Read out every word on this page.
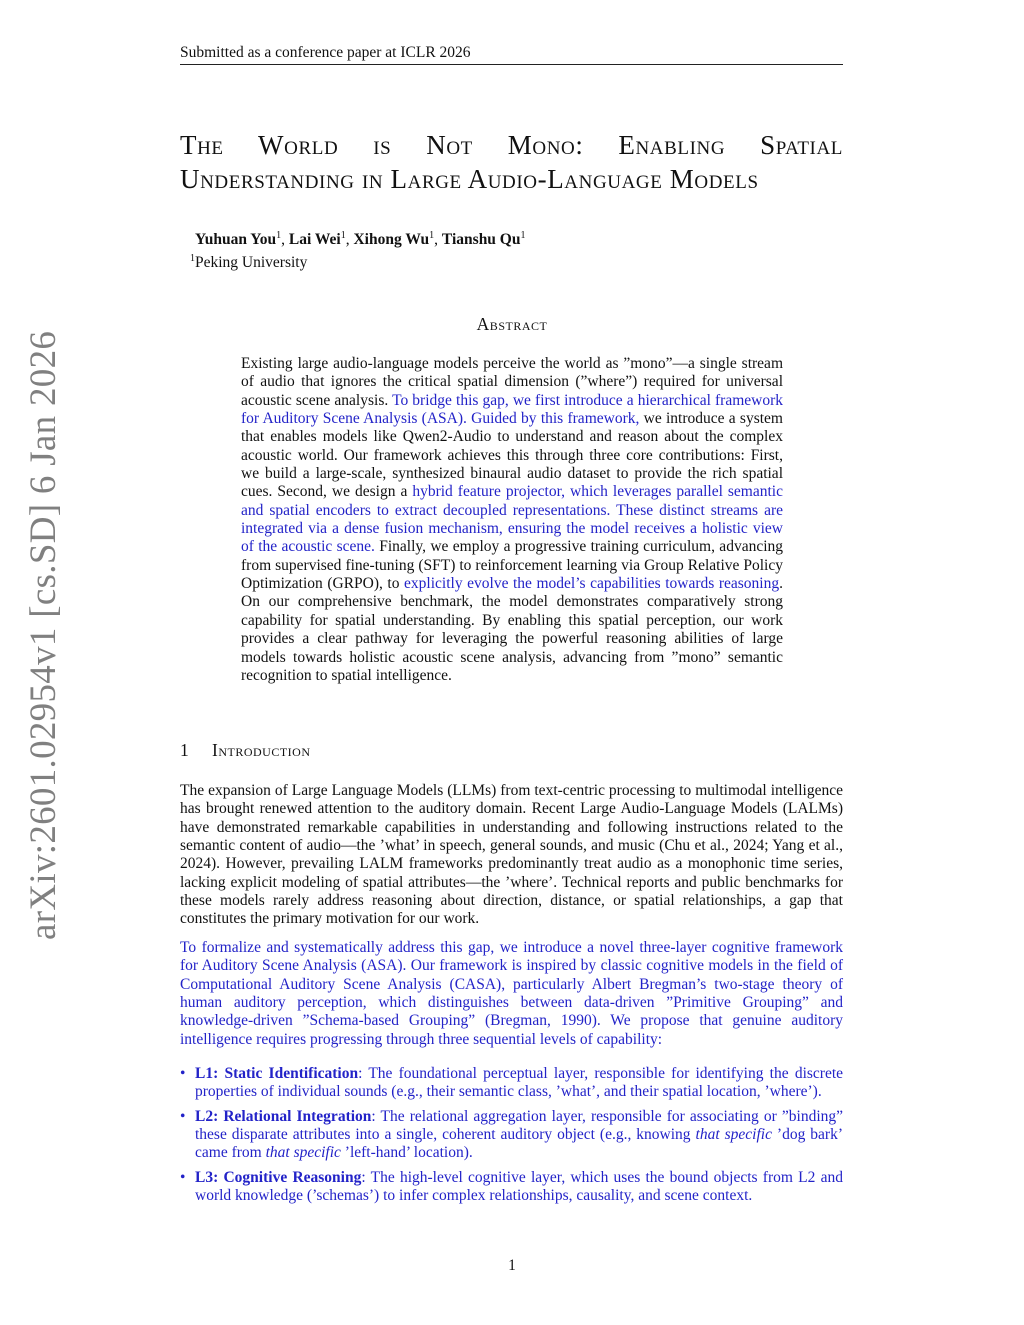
Submitted as a conference paper at ICLR 2026
The World is Not Mono: Enabling Spatial Understanding in Large Audio-Language Models
Yuhuan You$^1$, Lai Wei$^1$, Xihong Wu$^1$, Tianshu Qu$^1$
$^1$Peking University
Abstract
Existing large audio-language models perceive the world as ”mono”—a single stream of audio that ignores the critical spatial dimension (”where”) required for universal acoustic scene analysis. To bridge this gap, we first introduce a hierarchical framework for Auditory Scene Analysis (ASA). Guided by this framework, we introduce a system that enables models like Qwen2-Audio to understand and reason about the complex acoustic world. Our framework achieves this through three core contributions: First, we build a large-scale, synthesized binaural audio dataset to provide the rich spatial cues. Second, we design a hybrid feature projector, which leverages parallel semantic and spatial encoders to extract decoupled representations. These distinct streams are integrated via a dense fusion mechanism, ensuring the model receives a holistic view of the acoustic scene. Finally, we employ a progressive training curriculum, advancing from supervised fine-tuning (SFT) to reinforcement learning via Group Relative Policy Optimization (GRPO), to explicitly evolve the model’s capabilities towards reasoning. On our comprehensive benchmark, the model demonstrates comparatively strong capability for spatial understanding. By enabling this spatial perception, our work provides a clear pathway for leveraging the powerful reasoning abilities of large models towards holistic acoustic scene analysis, advancing from ”mono” semantic recognition to spatial intelligence.
1 Introduction
The expansion of Large Language Models (LLMs) from text-centric processing to multimodal intelligence has brought renewed attention to the auditory domain. Recent Large Audio-Language Models (LALMs) have demonstrated remarkable capabilities in understanding and following instructions related to the semantic content of audio—the ’what’ in speech, general sounds, and music (Chu et al., 2024; Yang et al., 2024). However, prevailing LALM frameworks predominantly treat audio as a monophonic time series, lacking explicit modeling of spatial attributes—the ’where’. Technical reports and public benchmarks for these models rarely address reasoning about direction, distance, or spatial relationships, a gap that constitutes the primary motivation for our work.
To formalize and systematically address this gap, we introduce a novel three-layer cognitive framework for Auditory Scene Analysis (ASA). Our framework is inspired by classic cognitive models in the field of Computational Auditory Scene Analysis (CASA), particularly Albert Bregman’s two-stage theory of human auditory perception, which distinguishes between data-driven ”Primitive Grouping” and knowledge-driven ”Schema-based Grouping” (Bregman, 1990). We propose that genuine auditory intelligence requires progressing through three sequential levels of capability:
• L1: Static Identification: The foundational perceptual layer, responsible for identifying the discrete properties of individual sounds (e.g., their semantic class, ’what’, and their spatial location, ’where’).
• L2: Relational Integration: The relational aggregation layer, responsible for associating or ”binding” these disparate attributes into a single, coherent auditory object (e.g., knowing that specific ’dog bark’ came from that specific ’left-hand’ location).
• L3: Cognitive Reasoning: The high-level cognitive layer, which uses the bound objects from L2 and world knowledge (’schemas’) to infer complex relationships, causality, and scene context.
1
arXiv:2601.02954v1 [cs.SD] 6 Jan 2026
